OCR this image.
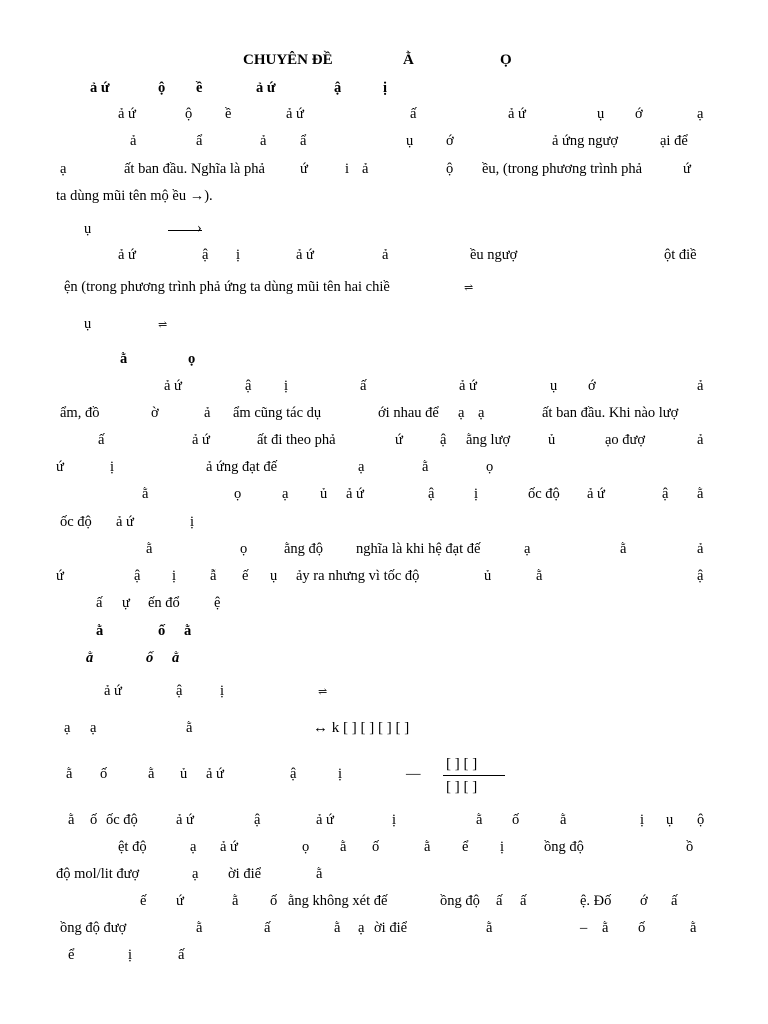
CHUYÊN ĐỀ	Ằ	Ọ
ả ứ	ộ ề	ả ứ	ậ	ị
ả ứ	ộ ề	ả ứ	ấ	ả ứ	ụ ớ	ạ
ả	ẩ	ả ẩ	ụ ớ	ả ứng ngượ	ại để
ạ	ất ban đầu. Nghĩa là phả ứ	i ả	ộ ều, (trong phương trình phả	ứ
ta dùng mũi tên mộ ều →).
ụ	›
ả ứ	ậ ị	ả ứ	ả	ều ngượ	ột điề
ện (trong phương trình phả ứng ta dùng mũi tên hai chiề	⇌
ụ	⇌
ằ	ọ
ả ứ	ậ ị	ấ	ả ứ	ụ ớ	ả
ẩm, đồ	ờ	ả ẩm cũng tác dụ	ới nhau để ạ ạ	ất ban đầu. Khi nào lượ
ấ	ả ứ	ất đi theo phả	ứ	ậ ằng lượ	ủ	ạo đượ	ả
ứ	ị	ả ứng đạt đế	ạ	ằ	ọ
ằ	ọ	ạ ủ ả ứ	ậ	ị	ốc độ ả ứ	ậ ằ
ốc độ ả ứ	ị
ằ	ọ	ằng độ nghĩa là khi hệ đạt đế	ạ	ằ	ả
ứ	ậ ị ẫ ế ụ ảy ra nhưng vì tốc độ	ủ	ằ	ậ
ấ ự ến đổ ệ
ằ	ố ằ
ằ	ố ằ
ả ứ	ậ	ị	⇌
ạ ạ	ằ	↔ k [ ] [ ] [ ] [ ]
ằ ố	ằ ủ ả ứ	ậ	ị	—
[ ] [ ]
[ ] [ ]
ằ ố ốc độ	ả ứ	ậ	ả ứ	ị	ằ ố	ằ	ị ụ ộ
ệt độ	ạ ả ứ	ọ ằ ố	ằ ể ị	ồng độ	ồ
độ mol/lit đượ	ạ ời điể	ằ
ế ứ	ằ ố ằng không xét đế	ồng độ ấ ấ	ệ. Đố ớ ấ
ồng độ đượ	ằ	ấ	ằ ạ ời điể	ằ	– ằ ố	ằ
ể	ị	ấ
